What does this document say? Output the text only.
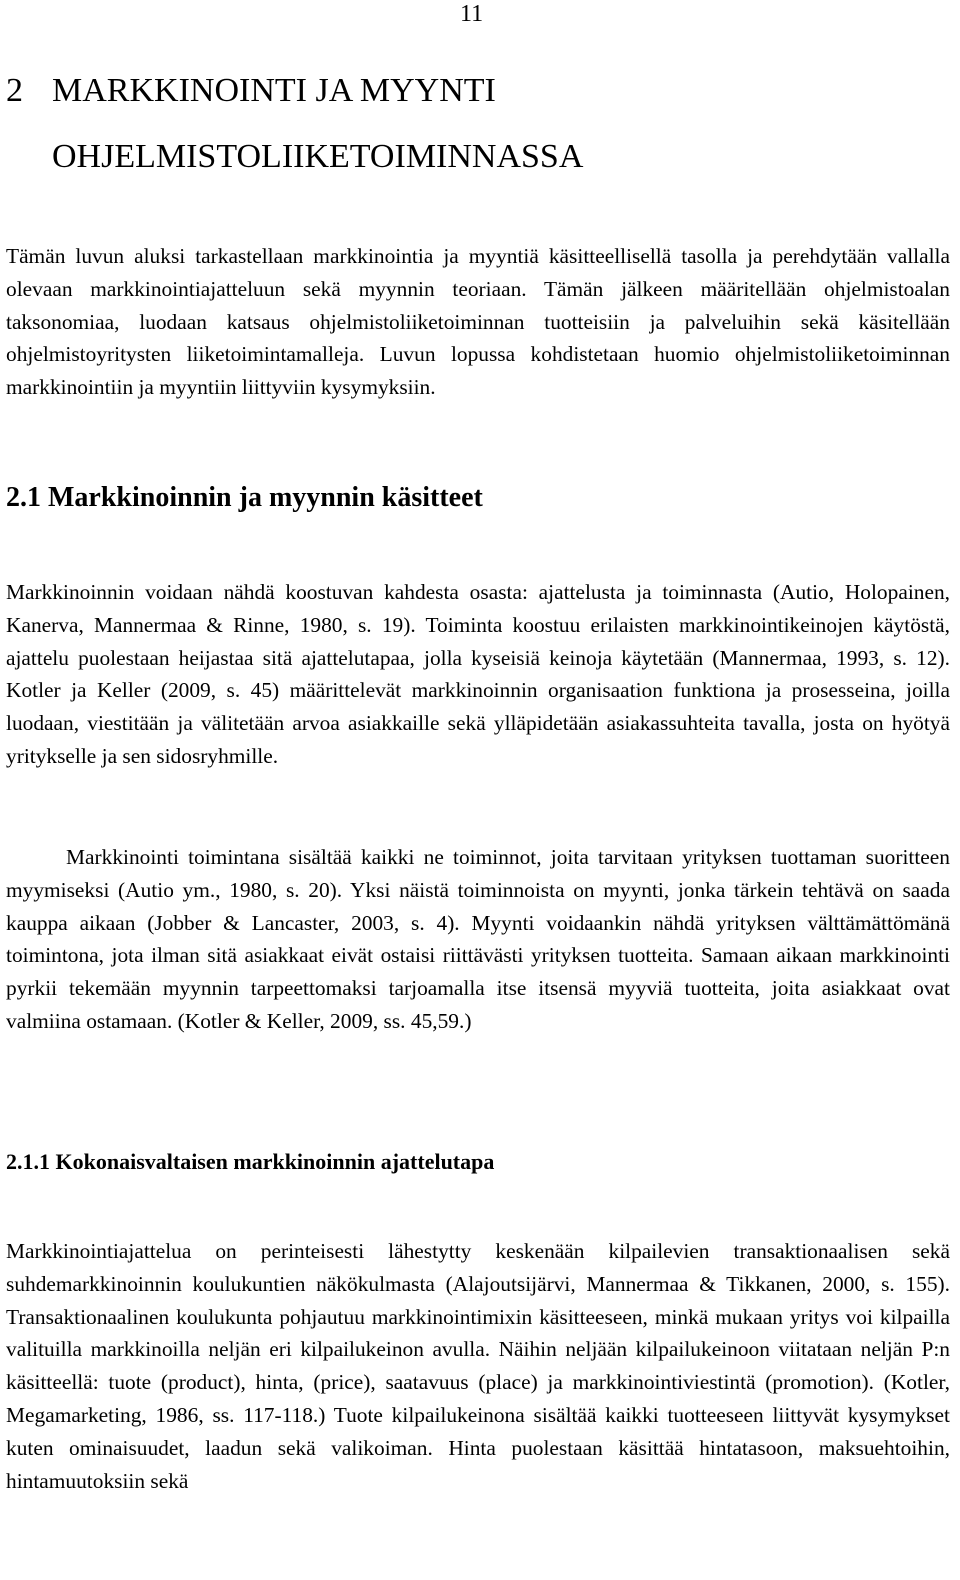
11
2 MARKKINOINTI JA MYYNTI
OHJELMISTOLIIKETOIMINNASSA

Tämän luvun aluksi tarkastellaan markkinointia ja myyntiä käsitteellisellä tasolla ja perehdytään vallalla olevaan markkinointiajatteluun sekä myynnin teoriaan. Tämän jälkeen määritellään ohjelmistoalan taksonomiaa, luodaan katsaus ohjelmistoliiketoiminnan tuotteisiin ja palveluihin sekä käsitellään ohjelmistoyritysten liiketoimintamalleja. Luvun lopussa kohdistetaan huomio ohjelmistoliiketoiminnan markkinointiin ja myyntiin liittyviin kysymyksiin.

2.1 Markkinoinnin ja myynnin käsitteet

Markkinoinnin voidaan nähdä koostuvan kahdesta osasta: ajattelusta ja toiminnasta (Autio, Holopainen, Kanerva, Mannermaa & Rinne, 1980, s. 19). Toiminta koostuu erilaisten markkinointikeinojen käytöstä, ajattelu puolestaan heijastaa sitä ajattelutapaa, jolla kyseisiä keinoja käytetään (Mannermaa, 1993, s. 12). Kotler ja Keller (2009, s. 45) määrittelevät markkinoinnin organisaation funktiona ja prosesseina, joilla luodaan, viestitään ja välitetään arvoa asiakkaille sekä ylläpidetään asiakassuhteita tavalla, josta on hyötyä yritykselle ja sen sidosryhmille.

Markkinointi toimintana sisältää kaikki ne toiminnot, joita tarvitaan yrityksen tuottaman suoritteen myymiseksi (Autio ym., 1980, s. 20). Yksi näistä toiminnoista on myynti, jonka tärkein tehtävä on saada kauppa aikaan (Jobber & Lancaster, 2003, s. 4). Myynti voidaankin nähdä yrityksen välttämättömänä toimintona, jota ilman sitä asiakkaat eivät ostaisi riittävästi yrityksen tuotteita. Samaan aikaan markkinointi pyrkii tekemään myynnin tarpeettomaksi tarjoamalla itse itsensä myyviä tuotteita, joita asiakkaat ovat valmiina ostamaan. (Kotler & Keller, 2009, ss. 45,59.)

2.1.1 Kokonaisvaltaisen markkinoinnin ajattelutapa

Markkinointiajattelua on perinteisesti lähestytty keskenään kilpailevien transaktionaalisen sekä suhdemarkkinoinnin koulukuntien näkökulmasta (Alajoutsijärvi, Mannermaa & Tikkanen, 2000, s. 155). Transaktionaalinen koulukunta pohjautuu markkinointimixin käsitteeseen, minkä mukaan yritys voi kilpailla valituilla markkinoilla neljän eri kilpailukeinon avulla. Näihin neljään kilpailukeinoon viitataan neljän P:n käsitteellä: tuote (product), hinta, (price), saatavuus (place) ja markkinointiviestintä (promotion). (Kotler, Megamarketing, 1986, ss. 117-118.) Tuote kilpailukeinona sisältää kaikki tuotteeseen liittyvät kysymykset kuten ominaisuudet, laadun sekä valikoiman. Hinta puolestaan käsittää hintatasoon, maksuehtoihin, hintamuutoksiin sekä
